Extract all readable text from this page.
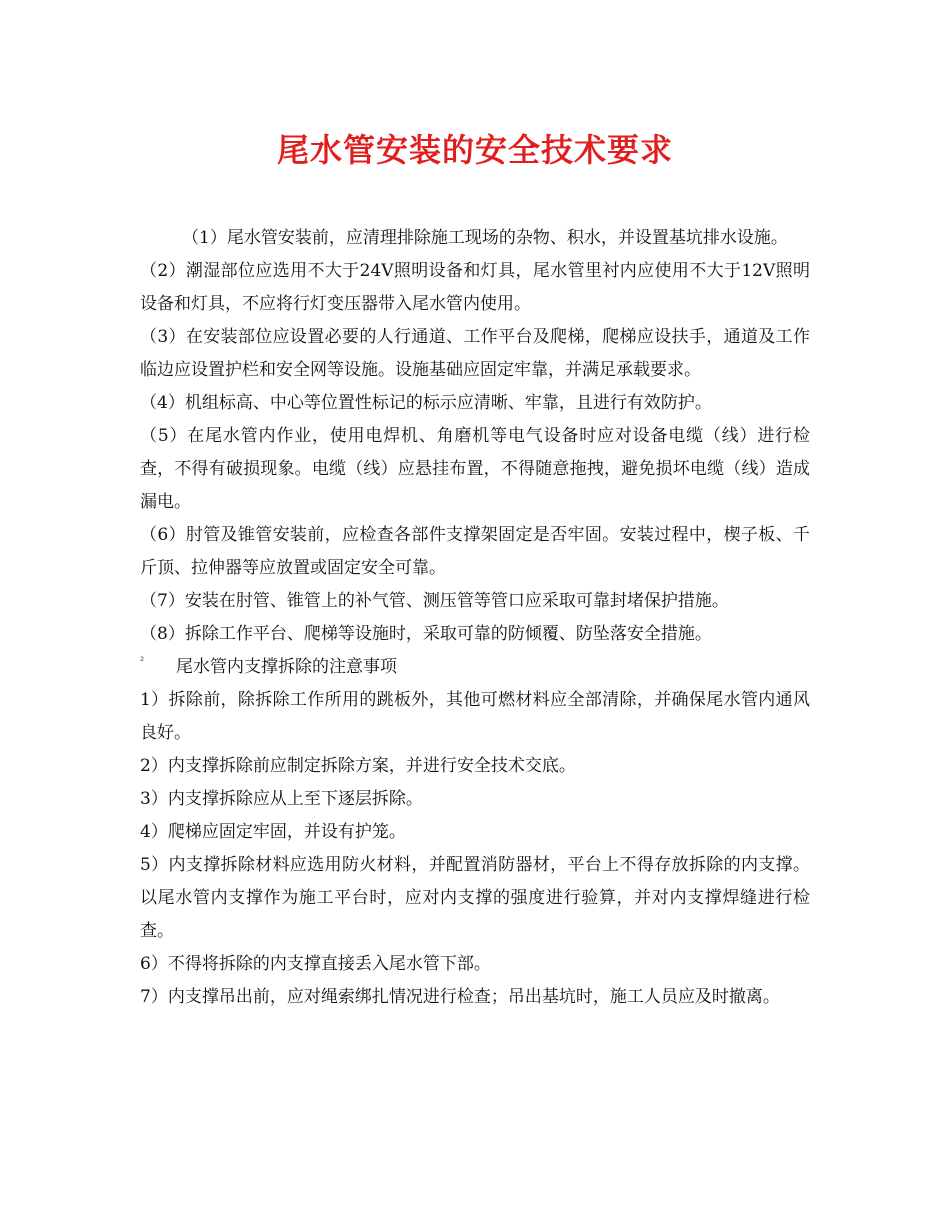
尾水管安装的安全技术要求

（1）尾水管安装前，应清理排除施工现场的杂物、积水，并设置基坑排水设施。

（2）潮湿部位应选用不大于24V照明设备和灯具，尾水管里衬内应使用不大于12V照明设备和灯具，不应将行灯变压器带入尾水管内使用。

（3）在安装部位应设置必要的人行通道、工作平台及爬梯，爬梯应设扶手，通道及工作临边应设置护栏和安全网等设施。设施基础应固定牢靠，并满足承载要求。

（4）机组标高、中心等位置性标记的标示应清晰、牢靠，且进行有效防护。

（5）在尾水管内作业，使用电焊机、角磨机等电气设备时应对设备电缆（线）进行检查，不得有破损现象。电缆（线）应悬挂布置，不得随意拖拽，避免损坏电缆（线）造成漏电。

（6）肘管及锥管安装前，应检查各部件支撑架固定是否牢固。安装过程中，楔子板、千斤顶、拉伸器等应放置或固定安全可靠。

（7）安装在肘管、锥管上的补气管、测压管等管口应采取可靠封堵保护措施。

（8）拆除工作平台、爬梯等设施时，采取可靠的防倾覆、防坠落安全措施。

²	尾水管内支撑拆除的注意事项

1）拆除前，除拆除工作所用的跳板外，其他可燃材料应全部清除，并确保尾水管内通风良好。

2）内支撑拆除前应制定拆除方案，并进行安全技术交底。

3）内支撑拆除应从上至下逐层拆除。

4）爬梯应固定牢固，并设有护笼。

5）内支撑拆除材料应选用防火材料，并配置消防器材，平台上不得存放拆除的内支撑。以尾水管内支撑作为施工平台时，应对内支撑的强度进行验算，并对内支撑焊缝进行检查。

6）不得将拆除的内支撑直接丢入尾水管下部。

7）内支撑吊出前，应对绳索绑扎情况进行检查；吊出基坑时，施工人员应及时撤离。
